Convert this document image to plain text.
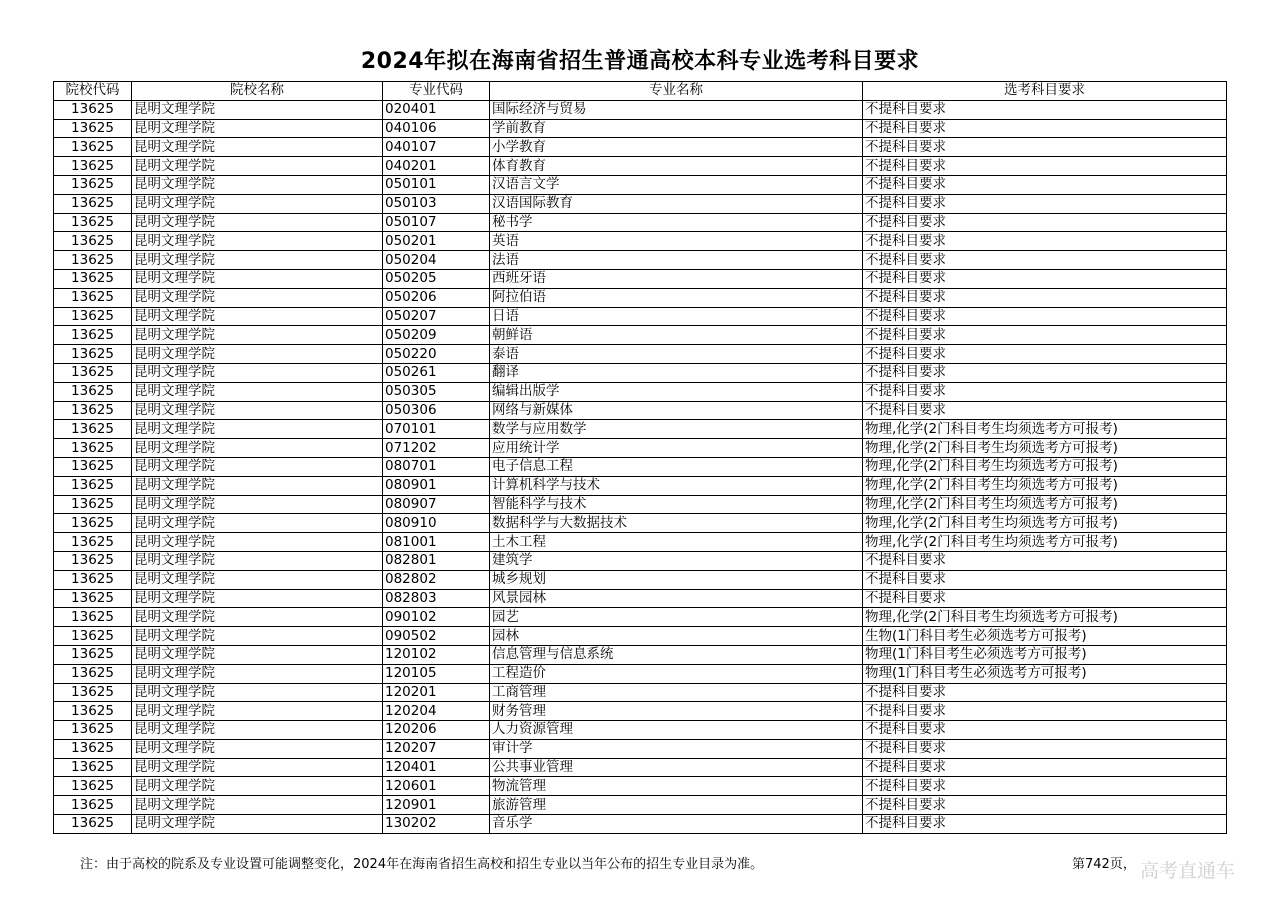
2024年拟在海南省招生普通高校本科专业选考科目要求
院校代码	院校名称	专业代码	专业名称	选考科目要求
13625	昆明文理学院	020401	国际经济与贸易	不提科目要求
13625	昆明文理学院	040106	学前教育	不提科目要求
13625	昆明文理学院	040107	小学教育	不提科目要求
13625	昆明文理学院	040201	体育教育	不提科目要求
13625	昆明文理学院	050101	汉语言文学	不提科目要求
13625	昆明文理学院	050103	汉语国际教育	不提科目要求
13625	昆明文理学院	050107	秘书学	不提科目要求
13625	昆明文理学院	050201	英语	不提科目要求
13625	昆明文理学院	050204	法语	不提科目要求
13625	昆明文理学院	050205	西班牙语	不提科目要求
13625	昆明文理学院	050206	阿拉伯语	不提科目要求
13625	昆明文理学院	050207	日语	不提科目要求
13625	昆明文理学院	050209	朝鲜语	不提科目要求
13625	昆明文理学院	050220	泰语	不提科目要求
13625	昆明文理学院	050261	翻译	不提科目要求
13625	昆明文理学院	050305	编辑出版学	不提科目要求
13625	昆明文理学院	050306	网络与新媒体	不提科目要求
13625	昆明文理学院	070101	数学与应用数学	物理,化学(2门科目考生均须选考方可报考)
13625	昆明文理学院	071202	应用统计学	物理,化学(2门科目考生均须选考方可报考)
13625	昆明文理学院	080701	电子信息工程	物理,化学(2门科目考生均须选考方可报考)
13625	昆明文理学院	080901	计算机科学与技术	物理,化学(2门科目考生均须选考方可报考)
13625	昆明文理学院	080907	智能科学与技术	物理,化学(2门科目考生均须选考方可报考)
13625	昆明文理学院	080910	数据科学与大数据技术	物理,化学(2门科目考生均须选考方可报考)
13625	昆明文理学院	081001	土木工程	物理,化学(2门科目考生均须选考方可报考)
13625	昆明文理学院	082801	建筑学	不提科目要求
13625	昆明文理学院	082802	城乡规划	不提科目要求
13625	昆明文理学院	082803	风景园林	不提科目要求
13625	昆明文理学院	090102	园艺	物理,化学(2门科目考生均须选考方可报考)
13625	昆明文理学院	090502	园林	生物(1门科目考生必须选考方可报考)
13625	昆明文理学院	120102	信息管理与信息系统	物理(1门科目考生必须选考方可报考)
13625	昆明文理学院	120105	工程造价	物理(1门科目考生必须选考方可报考)
13625	昆明文理学院	120201	工商管理	不提科目要求
13625	昆明文理学院	120204	财务管理	不提科目要求
13625	昆明文理学院	120206	人力资源管理	不提科目要求
13625	昆明文理学院	120207	审计学	不提科目要求
13625	昆明文理学院	120401	公共事业管理	不提科目要求
13625	昆明文理学院	120601	物流管理	不提科目要求
13625	昆明文理学院	120901	旅游管理	不提科目要求
13625	昆明文理学院	130202	音乐学	不提科目要求
注：由于高校的院系及专业设置可能调整变化，2024年在海南省招生高校和招生专业以当年公布的招生专业目录为准。	第742页， 高考直通车
